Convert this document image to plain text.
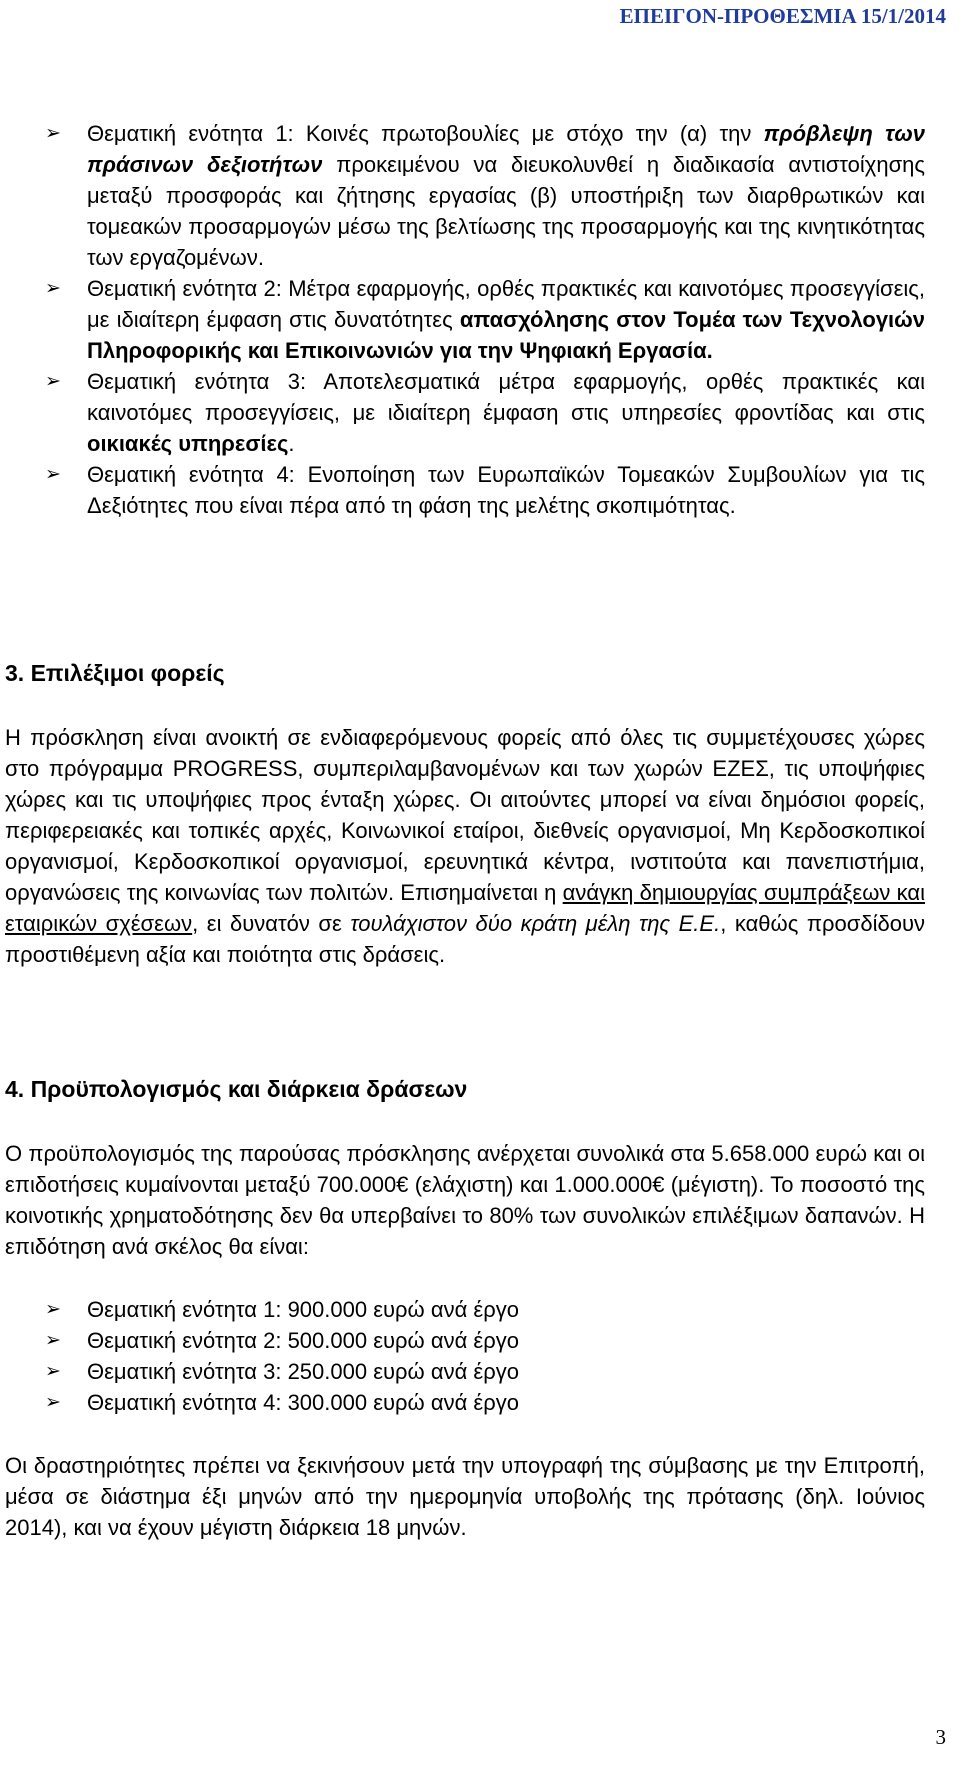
ΕΠΕΙΓΟΝ-ΠΡΟΘΕΣΜΙΑ 15/1/2014
➢ Θεματική ενότητα 1: Κοινές πρωτοβουλίες με στόχο την (α) την πρόβλεψη των πράσινων δεξιοτήτων προκειμένου να διευκολυνθεί η διαδικασία αντιστοίχησης μεταξύ προσφοράς και ζήτησης εργασίας (β) υποστήριξη των διαρθρωτικών και τομεακών προσαρμογών μέσω της βελτίωσης της προσαρμογής και της κινητικότητας των εργαζομένων.
➢ Θεματική ενότητα 2: Μέτρα εφαρμογής, ορθές πρακτικές και καινοτόμες προσεγγίσεις, με ιδιαίτερη έμφαση στις δυνατότητες απασχόλησης στον Τομέα των Τεχνολογιών Πληροφορικής και Επικοινωνιών για την Ψηφιακή Εργασία.
➢ Θεματική ενότητα 3: Αποτελεσματικά μέτρα εφαρμογής, ορθές πρακτικές και καινοτόμες προσεγγίσεις, με ιδιαίτερη έμφαση στις υπηρεσίες φροντίδας και στις οικιακές υπηρεσίες.
➢ Θεματική ενότητα 4: Ενοποίηση των Ευρωπαϊκών Τομεακών Συμβουλίων για τις Δεξιότητες που είναι πέρα από τη φάση της μελέτης σκοπιμότητας.
3. Επιλέξιμοι φορείς
Η πρόσκληση είναι ανοικτή σε ενδιαφερόμενους φορείς από όλες τις συμμετέχουσες χώρες στο πρόγραμμα PROGRESS, συμπεριλαμβανομένων και των χωρών ΕΖΕΣ, τις υποψήφιες χώρες και τις υποψήφιες προς ένταξη χώρες. Οι αιτούντες μπορεί να είναι δημόσιοι φορείς, περιφερειακές και τοπικές αρχές, Κοινωνικοί εταίροι, διεθνείς οργανισμοί, Μη Κερδοσκοπικοί οργανισμοί, Κερδοσκοπικοί οργανισμοί, ερευνητικά κέντρα, ινστιτούτα και πανεπιστήμια, οργανώσεις της κοινωνίας των πολιτών. Επισημαίνεται η ανάγκη δημιουργίας συμπράξεων και εταιρικών σχέσεων, ει δυνατόν σε τουλάχιστον δύο κράτη μέλη της Ε.Ε., καθώς προσδίδουν προστιθέμενη αξία και ποιότητα στις δράσεις.
4. Προϋπολογισμός και διάρκεια δράσεων
Ο προϋπολογισμός της παρούσας πρόσκλησης ανέρχεται συνολικά στα 5.658.000 ευρώ και οι επιδοτήσεις κυμαίνονται μεταξύ 700.000€ (ελάχιστη) και 1.000.000€ (μέγιστη). Το ποσοστό της κοινοτικής χρηματοδότησης δεν θα υπερβαίνει το 80% των συνολικών επιλέξιμων δαπανών. Η επιδότηση ανά σκέλος θα είναι:
➢ Θεματική ενότητα 1: 900.000 ευρώ ανά έργο
➢ Θεματική ενότητα 2: 500.000 ευρώ ανά έργο
➢ Θεματική ενότητα 3: 250.000 ευρώ ανά έργο
➢ Θεματική ενότητα 4: 300.000 ευρώ ανά έργο
Οι δραστηριότητες πρέπει να ξεκινήσουν μετά την υπογραφή της σύμβασης με την Επιτροπή, μέσα σε διάστημα έξι μηνών από την ημερομηνία υποβολής της πρότασης (δηλ. Ιούνιος 2014), και να έχουν μέγιστη διάρκεια 18 μηνών.
3
